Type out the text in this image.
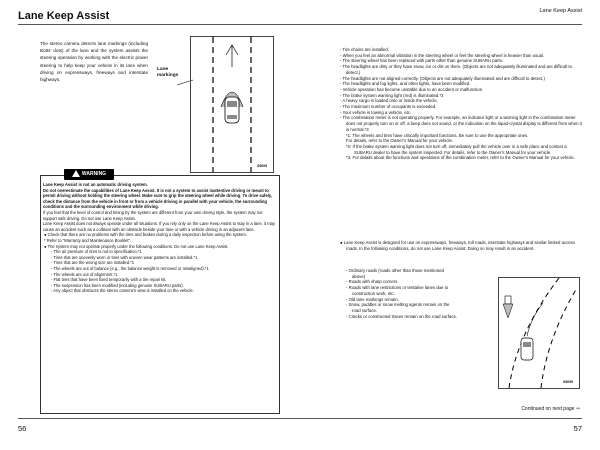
Lane Keep Assist
Lane Keep Assist
The stereo camera detects lane markings (including Botts’ dots) of the lane and the system assists the steering operation by working with the electric power steering to help keep your vehicle in its lane when driving on expressways, freeways and interstate highways.
Lane markings
S6009
WARNING

Lane Keep Assist is not an automatic driving system.

Do not overestimate the capabilities of Lane Keep Assist. It is not a system to assist inattentive driving or meant to permit driving without holding the steering wheel. Make sure to grip the steering wheel while driving. To drive safely, check the distance from the vehicle in front or from a vehicle driving in parallel with your vehicle, the surrounding conditions and the surrounding environment while driving.

If you feel that the level of control and timing by the system are different from your own driving style, the system may not support safe driving. Do not use Lane Keep Assist.

Lane Keep Assist does not always operate under all situations. If you rely only on the Lane Keep Assist to stay in a lane, it may cause an accident such as a collision with an obstacle beside your lane or with a vehicle driving in an adjacent lane.

● Check that there are no problems with the tires and brakes during a daily inspection before using the system.

* Refer to “Warranty and Maintenance Booklet”.

● The system may not operate properly under the following conditions. Do not use Lane Keep Assist.

- The air pressure of tires is not to specification.*1

- Tires that are unevenly worn or tires with uneven wear patterns are installed.*1

- Tires that are the wrong size are installed.*1

- The wheels are out of balance (e.g., the balance weight is removed or misaligned).*1

- The wheels are out of alignment.*1

- Flat tires that have been fixed temporarily with a tire repair kit.

- The suspension has been modified (including genuine SUBARU parts).

- Any object that obstructs the stereo camera’s view is installed on the vehicle.

- Tire chains are installed.

- When you feel an abnormal vibration in the steering wheel or feel the steering wheel is heavier than usual.

- The steering wheel has been replaced with parts other than genuine SUBARU parts.

- The headlights are dirty or they have snow, ice or dirt on them. (Objects are not adequately illuminated and are difficult to detect.)

- The headlights are not aligned correctly. (Objects are not adequately illuminated and are difficult to detect.)

- The headlights and fog lights, and other lights, have been modified.

- Vehicle operation has become unstable due to an accident or malfunction.

- The brake system warning light (red) is illuminated.*2

- A heavy cargo is loaded onto or inside the vehicle.

- The maximum number of occupants is exceeded.

- Your vehicle is towing a vehicle, etc.

- The combination meter is not operating properly. For example, an indicator light or a warning light in the combination meter does not properly turn on or off, a beep does not sound, or the indication on the liquid-crystal display is different from when it is normal.*3

*1: The wheels and tires have critically important functions. Be sure to use the appropriate ones.

For details, refer to the Owner’s Manual for your vehicle.

*2: If the brake system warning light does not turn off, immediately pull the vehicle over in a safe place and contact a SUBARU dealer to have the system inspected. For details, refer to the Owner’s Manual for your vehicle.

*3: For details about the functions and operations of the combination meter, refer to the Owner’s Manual for your vehicle.

● Lane Keep Assist is designed for use on expressways, freeways, toll roads, interstate highways and similar limited access roads. In the following conditions, do not use Lane Keep Assist. Doing so may result in an accident.

- Ordinary roads (roads other than those mentioned above)

- Roads with sharp corners

- Roads with lane restrictions or tentative lanes due to construction work, etc.

- Old lane markings remain.

- Snow, puddles or snow melting agents remain on the road surface.

- Cracks or constructed traces remain on the road surface.

S6059
Continued on next page ⇒
56	57
